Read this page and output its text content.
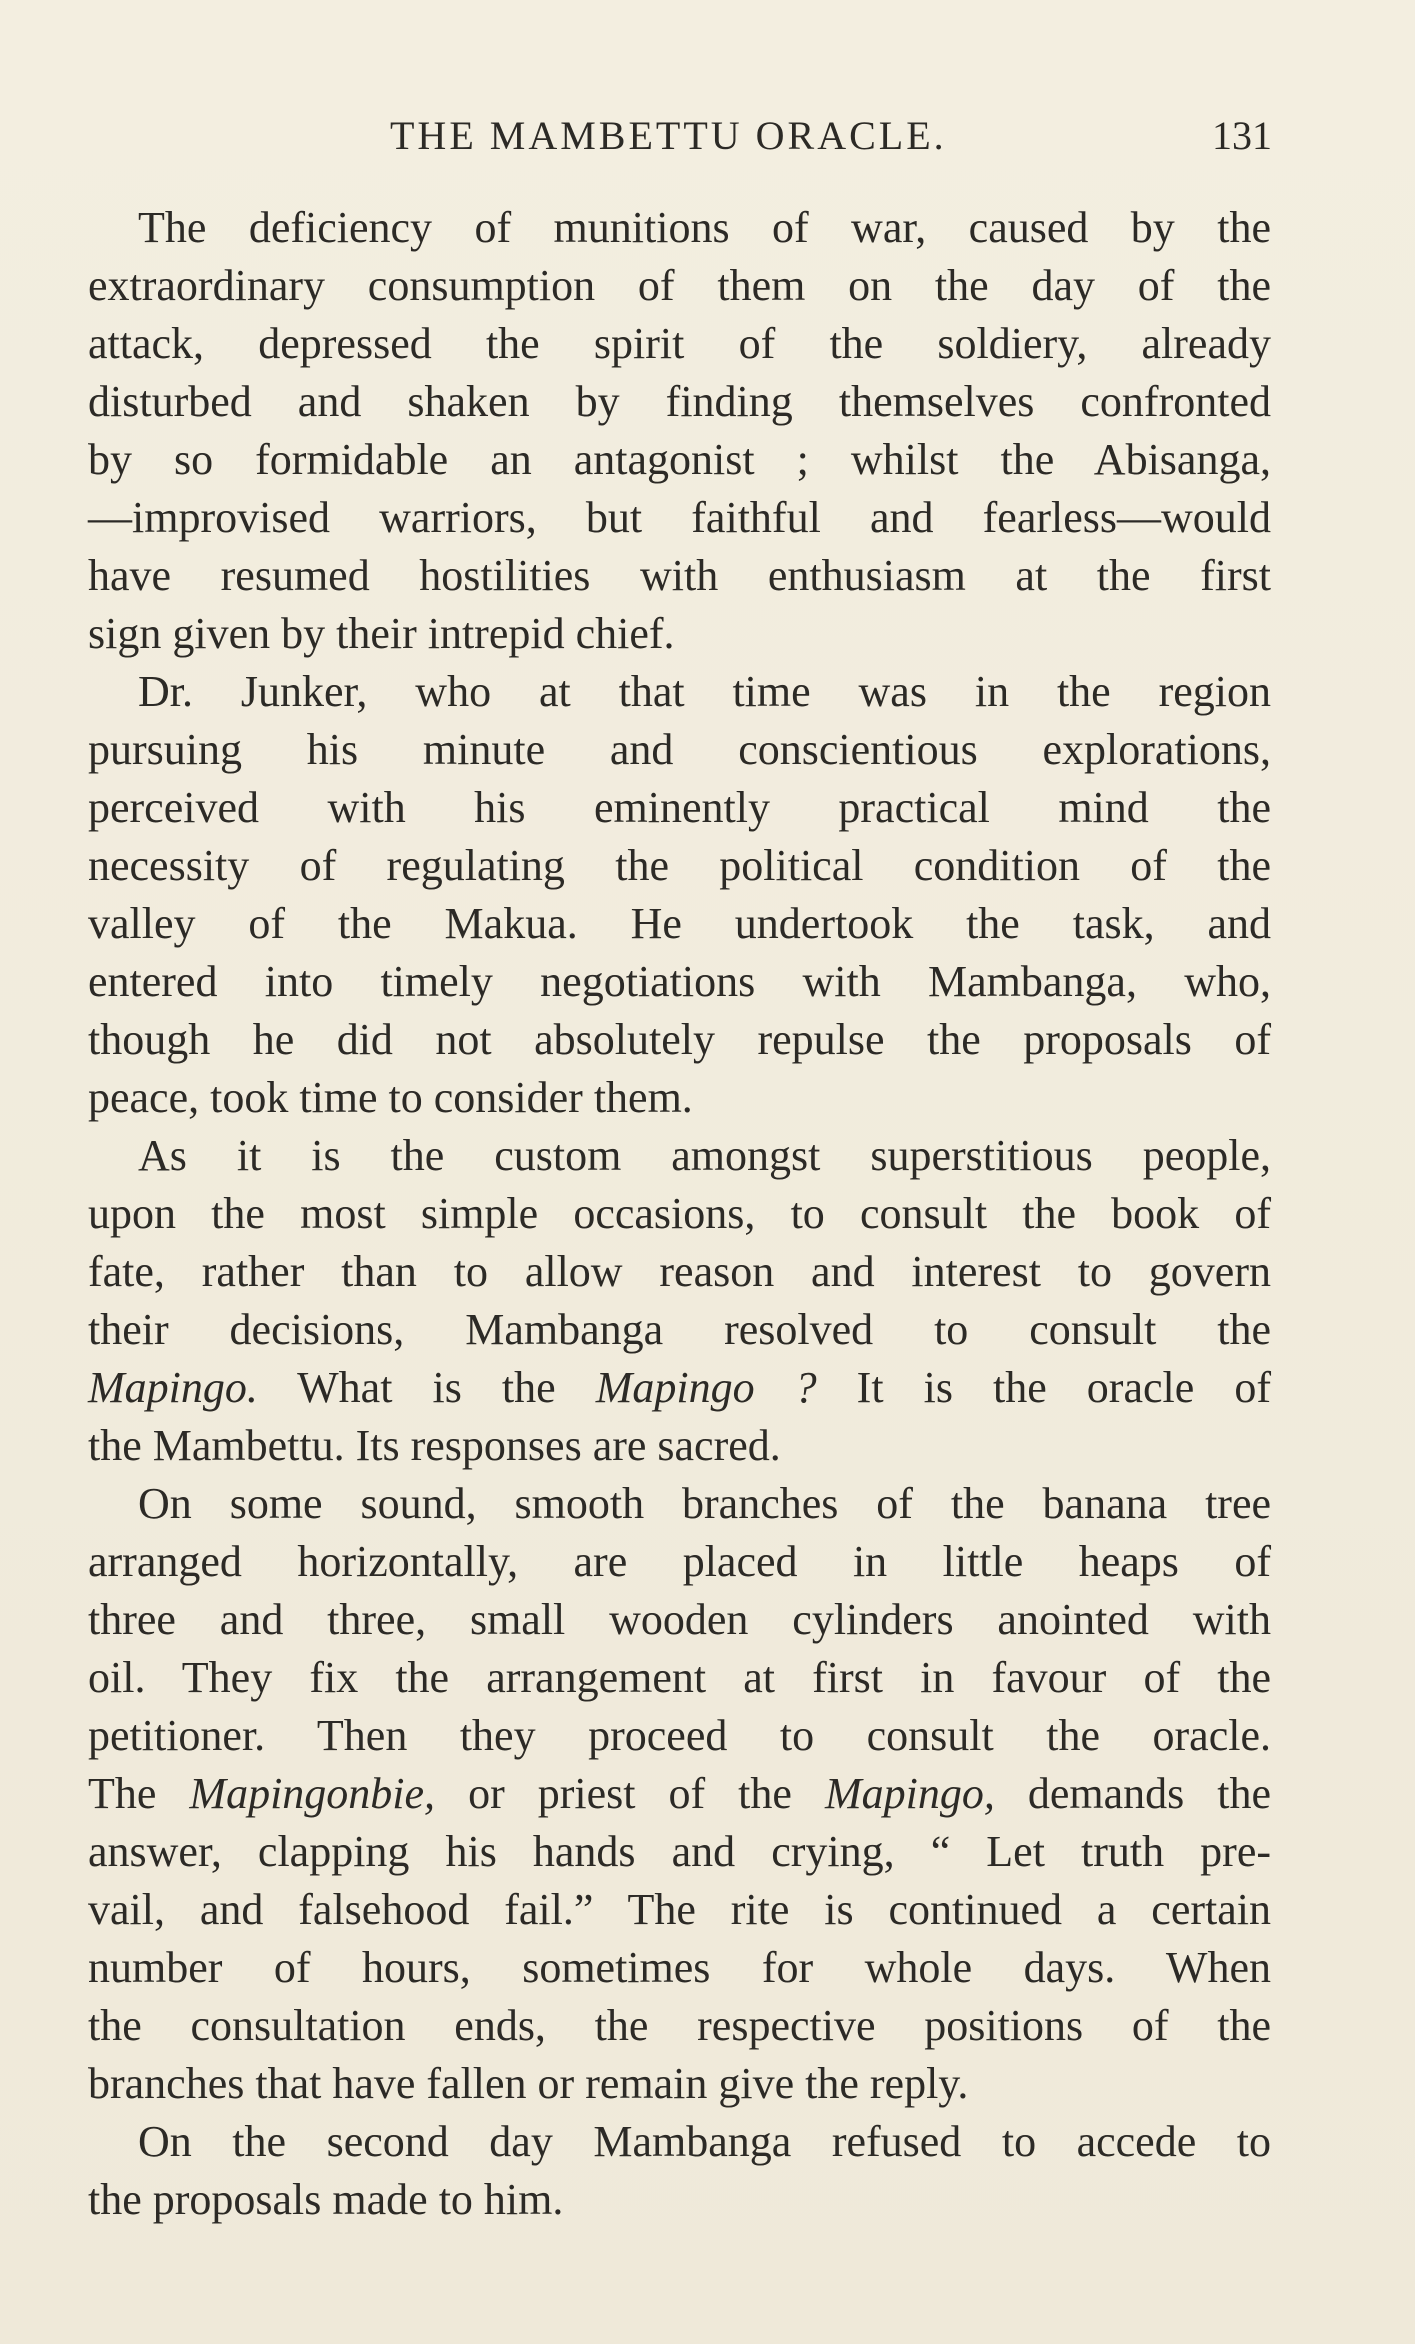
THE MAMBETTU ORACLE.	131
The deficiency of munitions of war, caused by the
extraordinary consumption of them on the day of the
attack, depressed the spirit of the soldiery, already
disturbed and shaken by finding themselves confronted
by so formidable an antagonist ; whilst the Abisanga,
—improvised warriors, but faithful and fearless—would
have resumed hostilities with enthusiasm at the first
sign given by their intrepid chief.
Dr. Junker, who at that time was in the region
pursuing his minute and conscientious explorations,
perceived with his eminently practical mind the
necessity of regulating the political condition of the
valley of the Makua. He undertook the task, and
entered into timely negotiations with Mambanga, who,
though he did not absolutely repulse the proposals of
peace, took time to consider them.
As it is the custom amongst superstitious people,
upon the most simple occasions, to consult the book of
fate, rather than to allow reason and interest to govern
their decisions, Mambanga resolved to consult the
Mapingo. What is the Mapingo ? It is the oracle of
the Mambettu. Its responses are sacred.
On some sound, smooth branches of the banana tree
arranged horizontally, are placed in little heaps of
three and three, small wooden cylinders anointed with
oil. They fix the arrangement at first in favour of the
petitioner. Then they proceed to consult the oracle.
The Mapingonbie, or priest of the Mapingo, demands the
answer, clapping his hands and crying, “ Let truth pre-
vail, and falsehood fail.” The rite is continued a certain
number of hours, sometimes for whole days. When
the consultation ends, the respective positions of the
branches that have fallen or remain give the reply.
On the second day Mambanga refused to accede to
the proposals made to him.
